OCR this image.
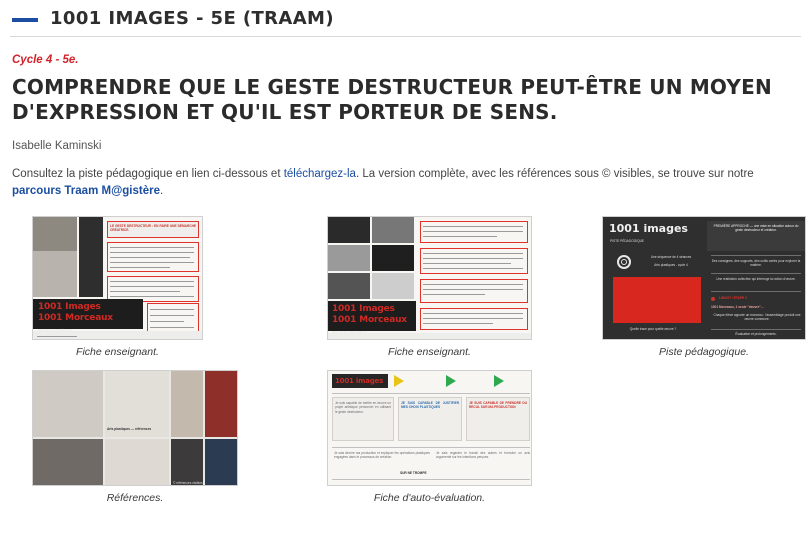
1001 IMAGES - 5E (TRAAM)
Cycle 4 - 5e.
COMPRENDRE QUE LE GESTE DESTRUCTEUR PEUT-ÊTRE UN MOYEN D'EXPRESSION ET QU'IL EST PORTEUR DE SENS.
Isabelle Kaminski

Consultez la piste pédagogique en lien ci-dessous et téléchargez-la. La version complète, avec les références sous © visibles, se trouve sur notre parcours Traam M@gistère.

LE GESTE DESTRUCTEUR : EN FAIRE UNE DÉMARCHE CRÉATRICE.
1001 Images
1001 Morceaux
Fiche enseignant.
1001 Images
1001 Morceaux
Fiche enseignant.
1001 images
PISTE PÉDAGOGIQUE
Une séquence de 4 séances
Arts plastiques - cycle 4
Quelle trace pour quelle œuvre ?
PREMIÈRE APPROCHE — une mise en situation autour du geste destructeur et créateur.
Des consignes, des supports, des outils variés pour explorer la matière.
Une restitution collective qui interroge la notion d'œuvre.
LINGOT / ÉTAPE 2
1001 Morceaux, 1 seule "deuvre"...
Chaque élève apporte un morceau : l'assemblage produit une œuvre commune.
Évaluation et prolongements.
Piste pédagogique.
Arts plastiques — références
© références visibles
Références.
1001 images
Je suis capable de mettre en œuvre un projet artistique personnel en utilisant le geste destructeur.
JE SUIS CAPABLE DE JUSTIFIER MES CHOIX PLASTIQUES
JE SUIS CAPABLE DE PRENDRE DU RECUL SUR MA PRODUCTION
Je sais décrire ma production et expliquer les opérations plastiques engagées dans le processus de création.
Je sais regarder le travail des autres et formuler un avis argumenté sur les intentions perçues.
SUR NE TROMPE
Fiche d'auto-évaluation.
